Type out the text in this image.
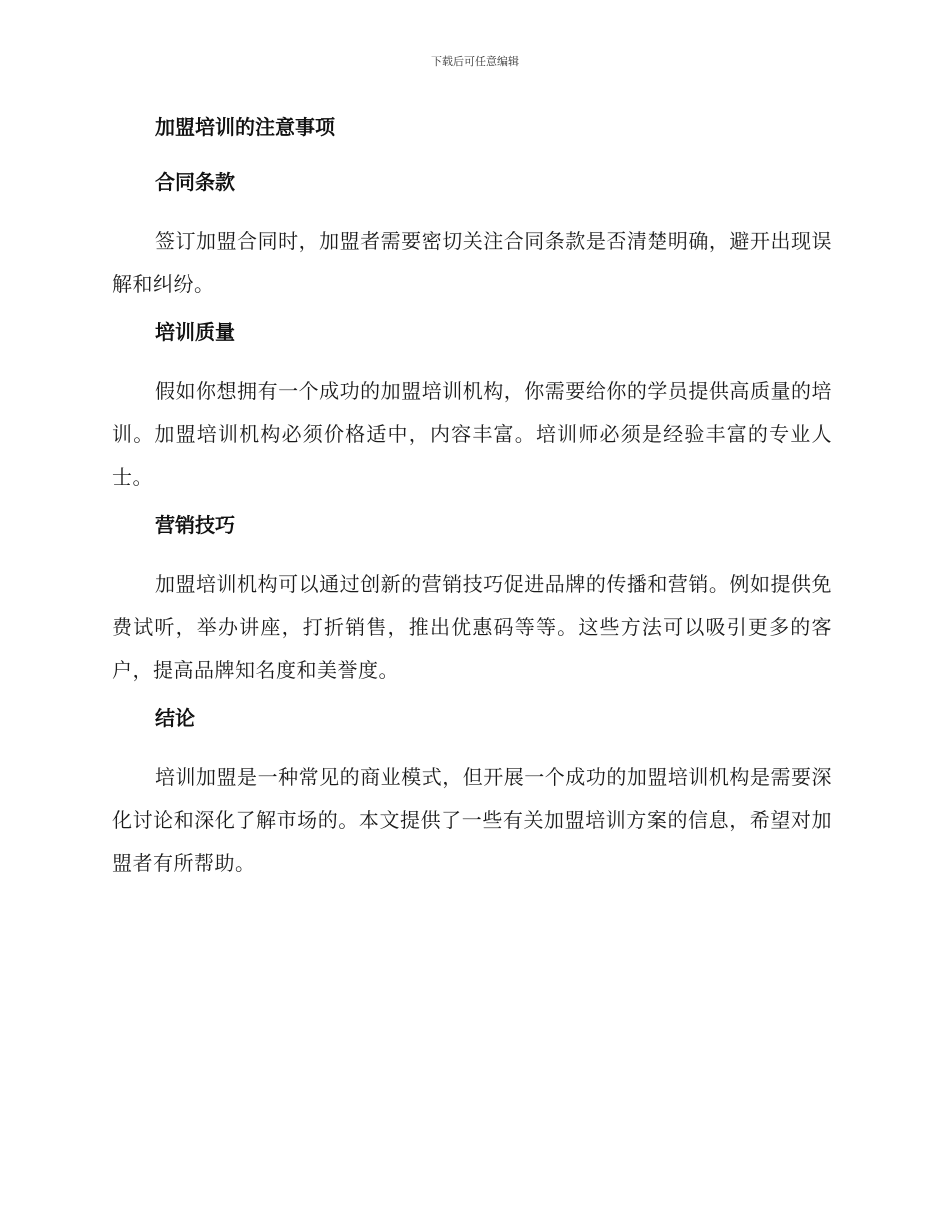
下载后可任意编辑
加盟培训的注意事项
合同条款

签订加盟合同时，加盟者需要密切关注合同条款是否清楚明确，避开出现误解和纠纷。

培训质量

假如你想拥有一个成功的加盟培训机构，你需要给你的学员提供高质量的培训。加盟培训机构必须价格适中，内容丰富。培训师必须是经验丰富的专业人士。

营销技巧

加盟培训机构可以通过创新的营销技巧促进品牌的传播和营销。例如提供免费试听，举办讲座，打折销售，推出优惠码等等。这些方法可以吸引更多的客户，提高品牌知名度和美誉度。

结论

培训加盟是一种常见的商业模式，但开展一个成功的加盟培训机构是需要深化讨论和深化了解市场的。本文提供了一些有关加盟培训方案的信息，希望对加盟者有所帮助。
